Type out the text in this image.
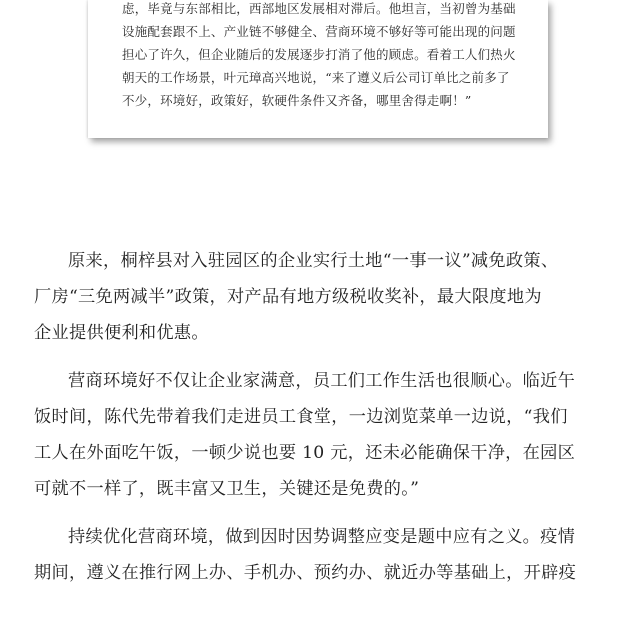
虑，毕竟与东部相比，西部地区发展相对滞后。他坦言，当初曾为基础
设施配套跟不上、产业链不够健全、营商环境不够好等可能出现的问题
担心了许久，但企业随后的发展逐步打消了他的顾虑。看着工人们热火
朝天的工作场景，叶元璋高兴地说，“来了遵义后公司订单比之前多了
不少，环境好，政策好，软硬件条件又齐备，哪里舍得走啊！”
原来，桐梓县对入驻园区的企业实行土地“一事一议”减免政策、
厂房“三免两减半”政策，对产品有地方级税收奖补，最大限度地为
企业提供便利和优惠。
营商环境好不仅让企业家满意，员工们工作生活也很顺心。临近午
饭时间，陈代先带着我们走进员工食堂，一边浏览菜单一边说，“我们
工人在外面吃午饭，一顿少说也要 10 元，还未必能确保干净，在园区
可就不一样了，既丰富又卫生，关键还是免费的。”
持续优化营商环境，做到因时因势调整应变是题中应有之义。疫情
期间，遵义在推行网上办、手机办、预约办、就近办等基础上，开辟疫
